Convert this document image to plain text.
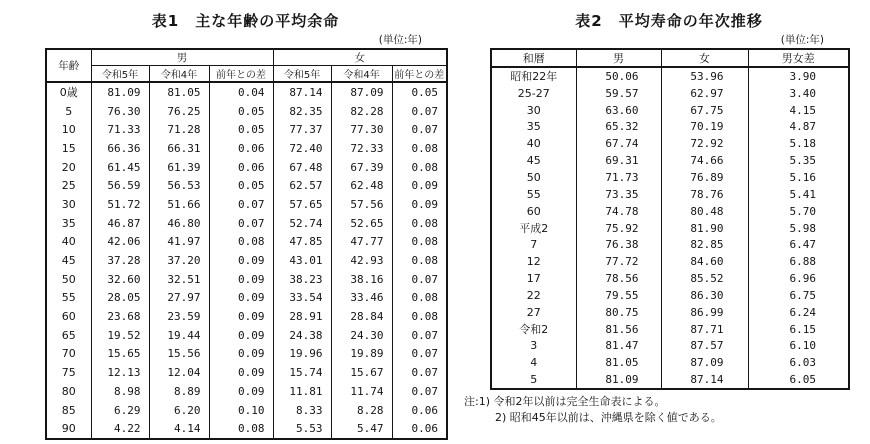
表1　主な年齢の平均余命
(単位:年)
年齢	男			女		
	令和5年	令和4年	前年との差	令和5年	令和4年	前年との差
0歳	81.09	81.05	0.04	87.14	87.09	0.05
5	76.30	76.25	0.05	82.35	82.28	0.07
10	71.33	71.28	0.05	77.37	77.30	0.07
15	66.36	66.31	0.06	72.40	72.33	0.08
20	61.45	61.39	0.06	67.48	67.39	0.08
25	56.59	56.53	0.05	62.57	62.48	0.09
30	51.72	51.66	0.07	57.65	57.56	0.09
35	46.87	46.80	0.07	52.74	52.65	0.08
40	42.06	41.97	0.08	47.85	47.77	0.08
45	37.28	37.20	0.09	43.01	42.93	0.08
50	32.60	32.51	0.09	38.23	38.16	0.07
55	28.05	27.97	0.09	33.54	33.46	0.08
60	23.68	23.59	0.09	28.91	28.84	0.08
65	19.52	19.44	0.09	24.38	24.30	0.07
70	15.65	15.56	0.09	19.96	19.89	0.07
75	12.13	12.04	0.09	15.74	15.67	0.07
80	8.98	8.89	0.09	11.81	11.74	0.07
85	6.29	6.20	0.10	8.33	8.28	0.06
90	4.22	4.14	0.08	5.53	5.47	0.06
表2　平均寿命の年次推移
(単位:年)
和暦	男	女	男女差
昭和22年	50.06	53.96	3.90
25-27	59.57	62.97	3.40
30	63.60	67.75	4.15
35	65.32	70.19	4.87
40	67.74	72.92	5.18
45	69.31	74.66	5.35
50	71.73	76.89	5.16
55	73.35	78.76	5.41
60	74.78	80.48	5.70
平成2	75.92	81.90	5.98
7	76.38	82.85	6.47
12	77.72	84.60	6.88
17	78.56	85.52	6.96
22	79.55	86.30	6.75
27	80.75	86.99	6.24
令和2	81.56	87.71	6.15
3	81.47	87.57	6.10
4	81.05	87.09	6.03
5	81.09	87.14	6.05
注:1) 令和2年以前は完全生命表による。
2) 昭和45年以前は、沖縄県を除く値である。
